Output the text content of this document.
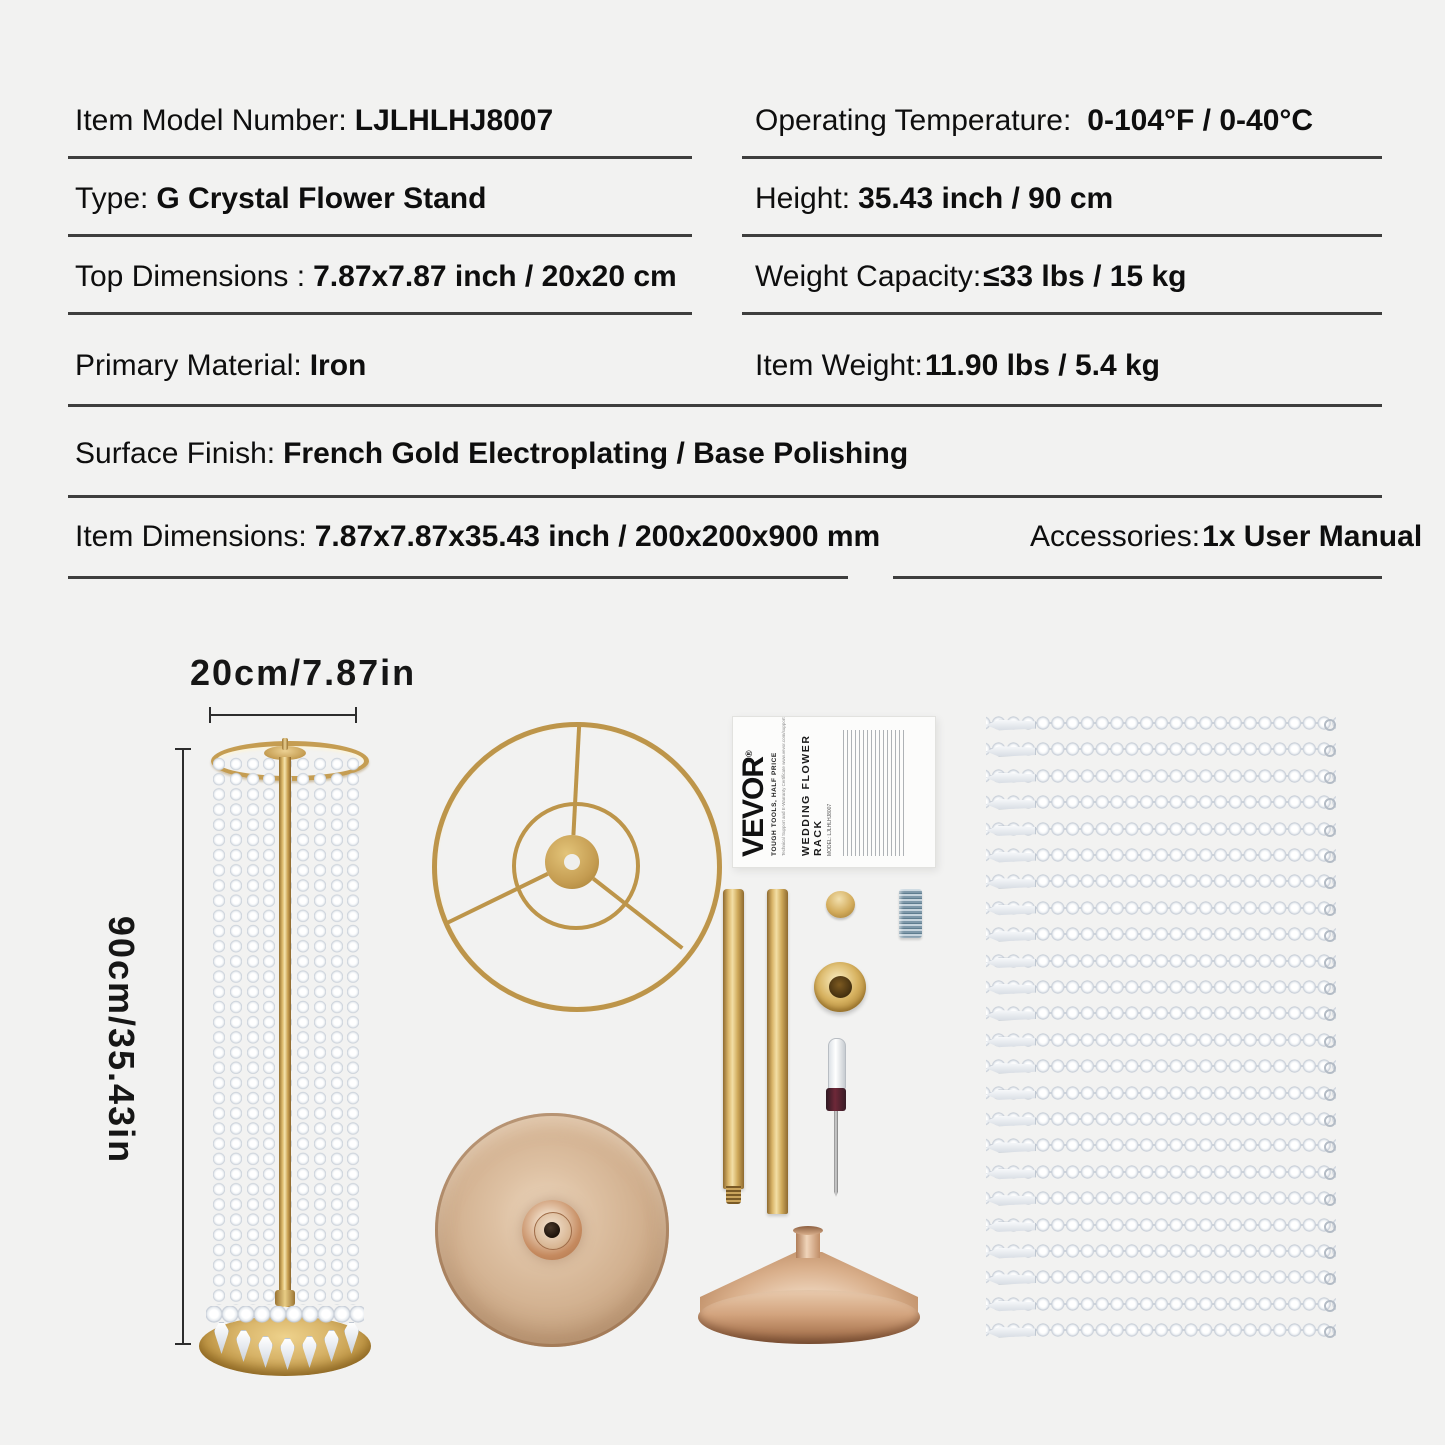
Item Model Number: LJLHLHJ8007	Operating Temperature: 0-104°F / 0-40°C
Type: G Crystal Flower Stand	Height: 35.43 inch / 90 cm
Top Dimensions : 7.87x7.87 inch / 20x20 cm	Weight Capacity:≤33 lbs / 15 kg
Primary Material: Iron	Item Weight:11.90 lbs / 5.4 kg
Surface Finish: French Gold Electroplating / Base Polishing
Item Dimensions: 7.87x7.87x35.43 inch / 200x200x900 mm	Accessories:1x User Manual
20cm/7.87in
90cm/35.43in
VEVOR®	TOUGH TOOLS, HALF PRICE Technical Support and E-Warranty Certificate www.vevor.com/support WEDDING FLOWER RACK MODEL: LJLHLHJ8007
